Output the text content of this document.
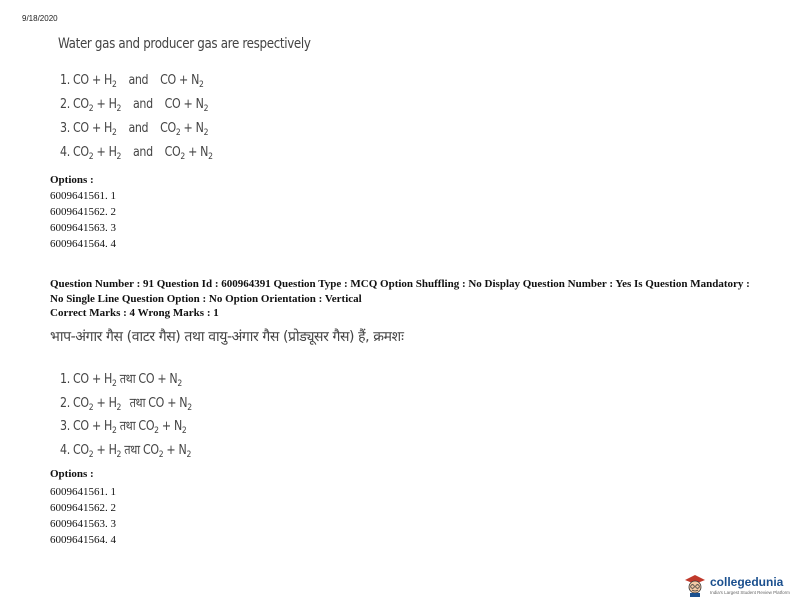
9/18/2020
Water gas and producer gas are respectively
1. CO + $H_2$ and CO + $N_2$
2. $CO_2 + H_2$ and CO + $N_2$
3. CO + $H_2$ and $CO_2 + N_2$
4. $CO_2 + H_2$ and $CO_2 + N_2$
Options :
6009641561. 1
6009641562. 2
6009641563. 3
6009641564. 4
Question Number : 91 Question Id : 600964391 Question Type : MCQ Option Shuffling : No Display Question Number : Yes Is Question Mandatory : No Single Line Question Option : No Option Orientation : Vertical
Correct Marks : 4 Wrong Marks : 1
भाप-अंगार गैस (वाटर गैस) तथा वायु-अंगार गैस (प्रोड्यूसर गैस) हैं, क्रमशः
1. CO + $H_2$ तथा CO + $N_2$
2. $CO_2 + H_2$ तथा CO + $N_2$
3. CO + $H_2$ तथा $CO_2 + N_2$
4. $CO_2 + H_2$ तथा $CO_2 + N_2$
Options :
6009641561. 1
6009641562. 2
6009641563. 3
6009641564. 4
collegedunia
India's Largest Student Review Platform
